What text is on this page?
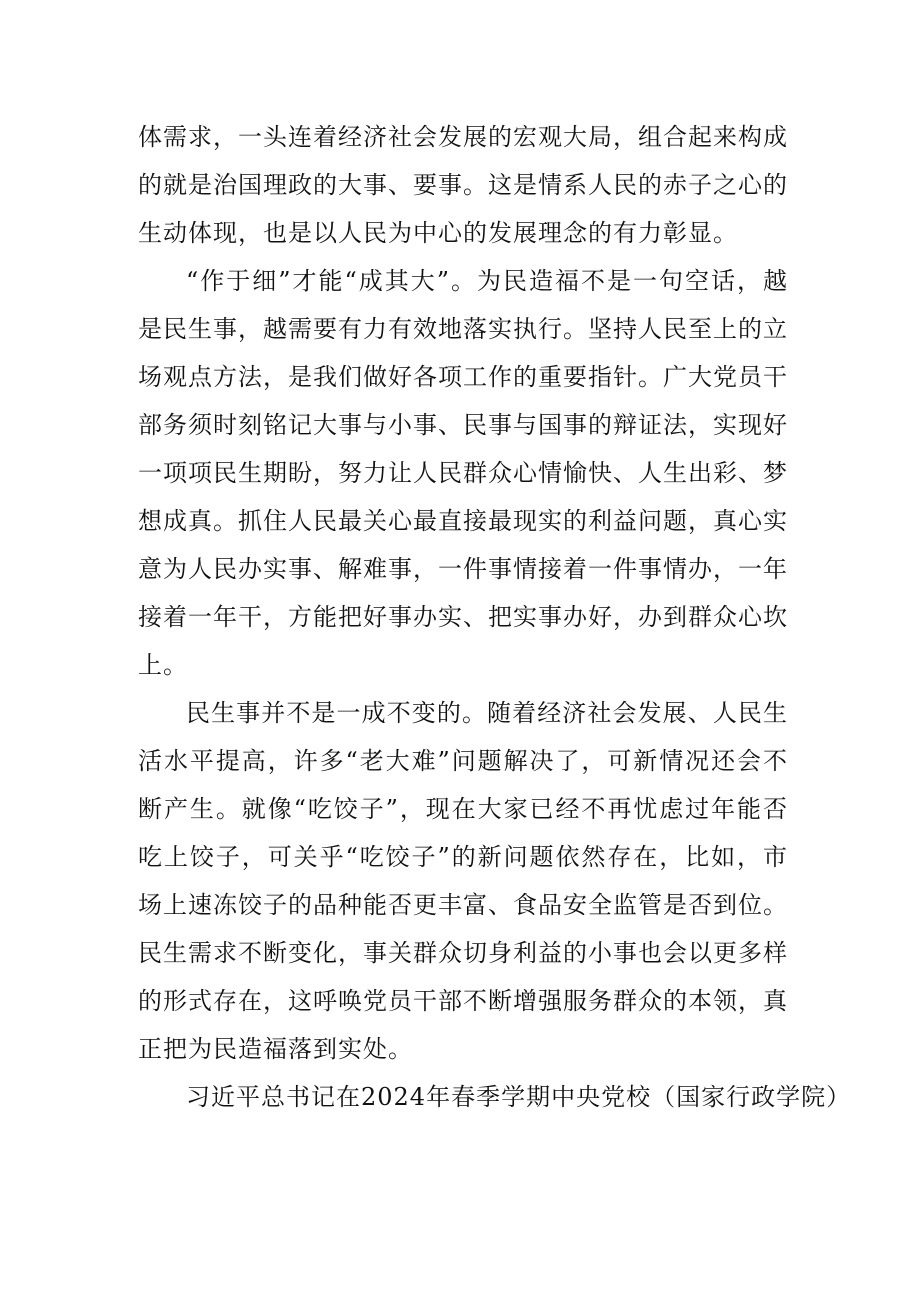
体需求，一头连着经济社会发展的宏观大局，组合起来构成的就是治国理政的大事、要事。这是情系人民的赤子之心的生动体现，也是以人民为中心的发展理念的有力彰显。

“作于细”才能“成其大”。为民造福不是一句空话，越是民生事，越需要有力有效地落实执行。坚持人民至上的立场观点方法，是我们做好各项工作的重要指针。广大党员干部务须时刻铭记大事与小事、民事与国事的辩证法，实现好一项项民生期盼，努力让人民群众心情愉快、人生出彩、梦想成真。抓住人民最关心最直接最现实的利益问题，真心实意为人民办实事、解难事，一件事情接着一件事情办，一年接着一年干，方能把好事办实、把实事办好，办到群众心坎上。

民生事并不是一成不变的。随着经济社会发展、人民生活水平提高，许多“老大难”问题解决了，可新情况还会不断产生。就像“吃饺子”，现在大家已经不再忧虑过年能否吃上饺子，可关乎“吃饺子”的新问题依然存在，比如，市场上速冻饺子的品种能否更丰富、食品安全监管是否到位。民生需求不断变化，事关群众切身利益的小事也会以更多样的形式存在，这呼唤党员干部不断增强服务群众的本领，真正把为民造福落到实处。

习近平总书记在2024年春季学期中央党校（国家行政学院）
